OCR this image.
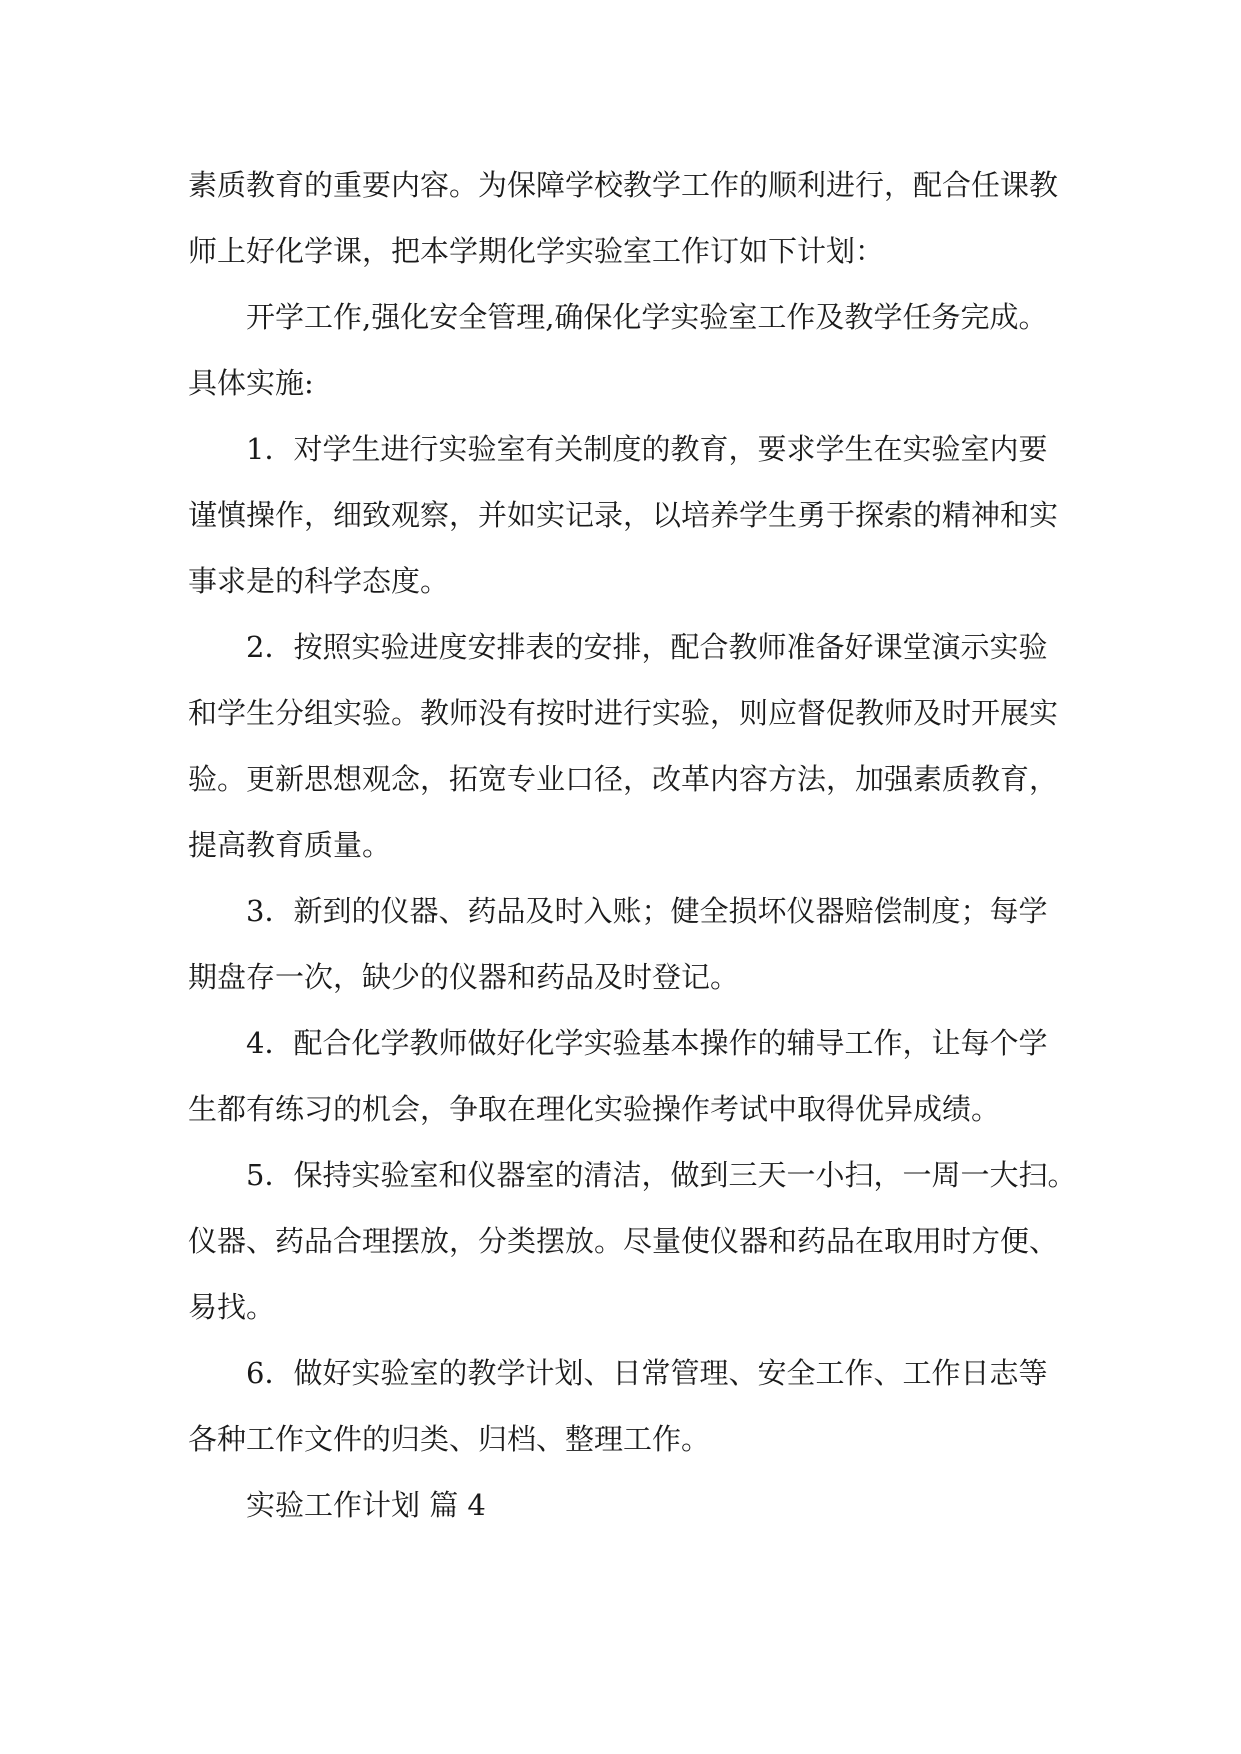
素质教育的重要内容。为保障学校教学工作的顺利进行，配合任课教
师上好化学课，把本学期化学实验室工作订如下计划：

开学工作,强化安全管理,确保化学实验室工作及教学任务完成。

具体实施:

1．对学生进行实验室有关制度的教育，要求学生在实验室内要
谨慎操作，细致观察，并如实记录，以培养学生勇于探索的精神和实
事求是的科学态度。

2．按照实验进度安排表的安排，配合教师准备好课堂演示实验
和学生分组实验。教师没有按时进行实验，则应督促教师及时开展实
验。更新思想观念，拓宽专业口径，改革内容方法，加强素质教育，
提高教育质量。

3．新到的仪器、药品及时入账；健全损坏仪器赔偿制度；每学
期盘存一次，缺少的仪器和药品及时登记。

4．配合化学教师做好化学实验基本操作的辅导工作，让每个学
生都有练习的机会，争取在理化实验操作考试中取得优异成绩。

5．保持实验室和仪器室的清洁，做到三天一小扫，一周一大扫。
仪器、药品合理摆放，分类摆放。尽量使仪器和药品在取用时方便、
易找。

6．做好实验室的教学计划、日常管理、安全工作、工作日志等
各种工作文件的归类、归档、整理工作。

实验工作计划 篇 4
